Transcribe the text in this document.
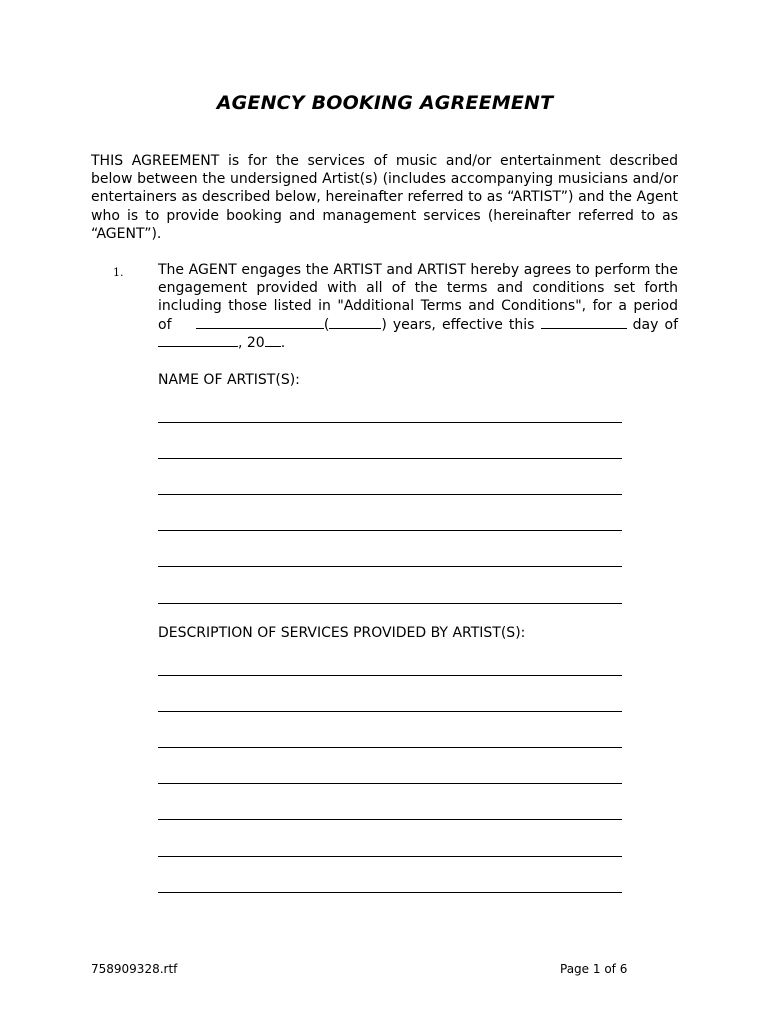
AGENCY BOOKING AGREEMENT

THIS AGREEMENT is for the services of music and/or entertainment described below between the undersigned Artist(s) (includes accompanying musicians and/or entertainers as described below, hereinafter referred to as “ARTIST”) and the Agent who is to provide booking and management services (hereinafter referred to as “AGENT”).

1. The AGENT engages the ARTIST and ARTIST hereby agrees to perform the engagement provided with all of the terms and conditions set forth including those listed in "Additional Terms and Conditions", for a period of	(	) years, effective this	day of , 20 .

NAME OF ARTIST(S):

DESCRIPTION OF SERVICES PROVIDED BY ARTIST(S):

758909328.rtf	Page 1 of 6
